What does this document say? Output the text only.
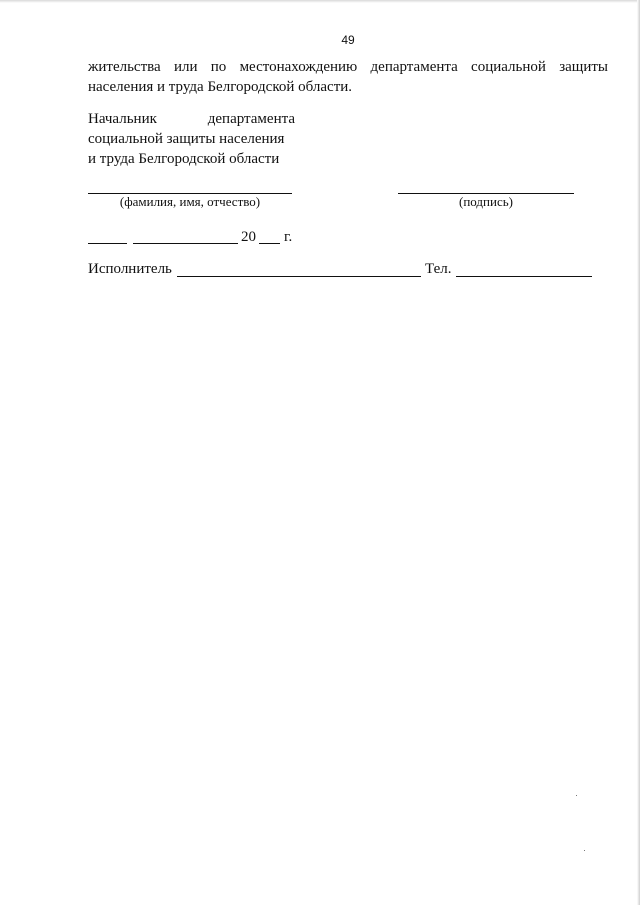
49
жительства или по местонахождению департамента социальной защиты
населения и труда Белгородской области.
Начальник департамента
социальной защиты населения
и труда Белгородской области
(фамилия, имя, отчество)	(подпись)
20 г.
Исполнитель	Тел.
